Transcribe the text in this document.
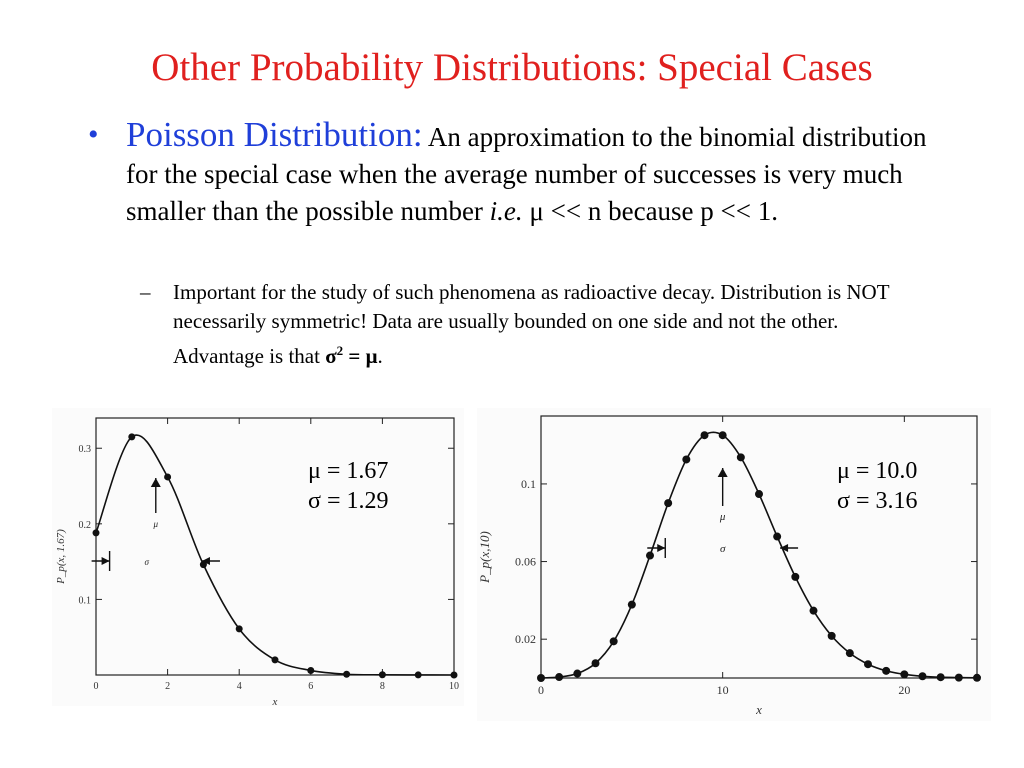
Other Probability Distributions: Special Cases
• Poisson Distribution: An approximation to the binomial distribution for the special case when the average number of successes is very much smaller than the possible number i.e. μ << n because p << 1.
– Important for the study of such phenomena as radioactive decay. Distribution is NOT necessarily symmetric! Data are usually bounded on one side and not the other. Advantage is that $\sigma^2 = \mu$.
0	2	4	6	8	10
0.1
0.2
0.3
x
P_p(x, 1.67)
μ
σ
μ = 1.67
σ = 1.29
0	10	20
0.02
0.06
0.1
x
P_p(x,10)
μ
σ
μ = 10.0
σ = 3.16
